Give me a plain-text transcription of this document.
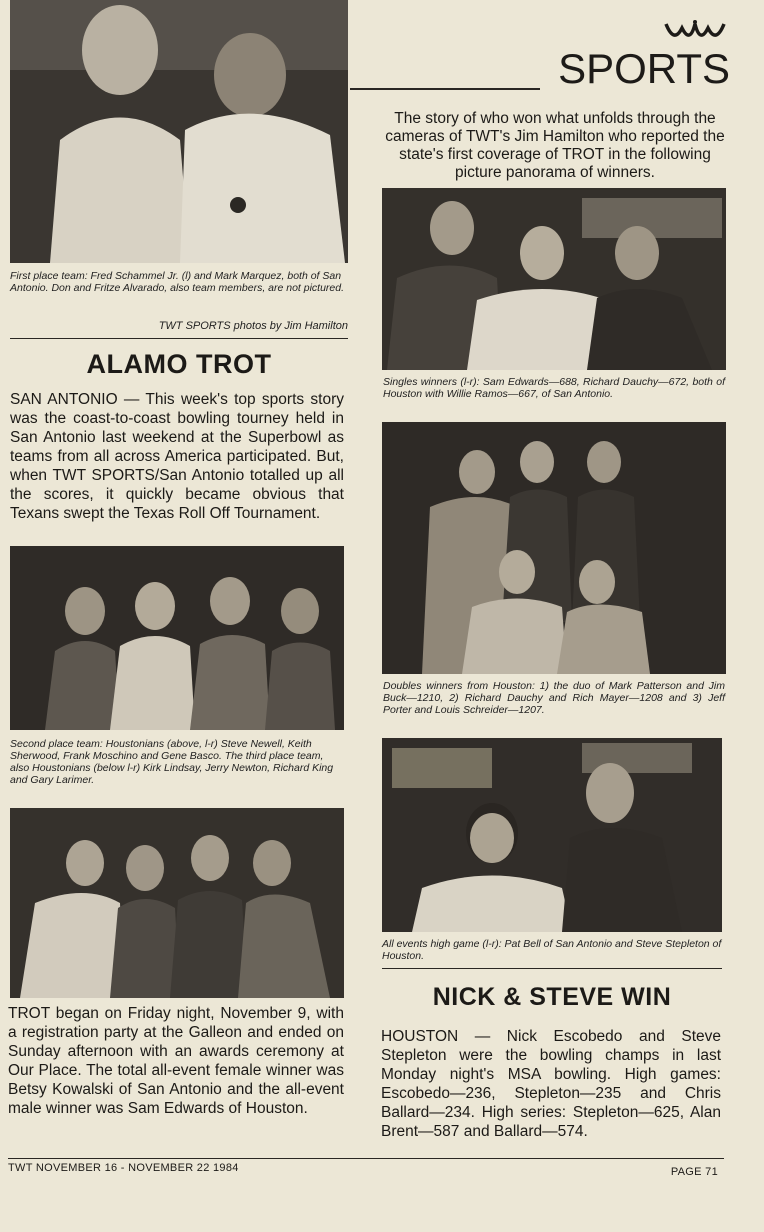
First place team: Fred Schammel Jr. (l) and Mark Marquez, both of San Antonio. Don and Fritze Alvarado, also team members, are not pictured.

TWT SPORTS photos by Jim Hamilton

ALAMO TROT

SAN ANTONIO — This week's top sports story was the coast-to-coast bowling tourney held in San Antonio last weekend at the Superbowl as teams from all across America participated. But, when TWT SPORTS/San Antonio totalled up all the scores, it quickly became obvious that Texans swept the Texas Roll Off Tournament.

Second place team: Houstonians (above, l-r) Steve Newell, Keith Sherwood, Frank Moschino and Gene Basco. The third place team, also Houstonians (below l-r) Kirk Lindsay, Jerry Newton, Richard King and Gary Larimer.

TROT began on Friday night, November 9, with a registration party at the Galleon and ended on Sunday afternoon with an awards ceremony at Our Place. The total all-event female winner was Betsy Kowalski of San Antonio and the all-event male winner was Sam Edwards of Houston.

SPORTS

The story of who won what unfolds through the cameras of TWT's Jim Hamilton who reported the state's first coverage of TROT in the following picture panorama of winners.

Singles winners (l-r): Sam Edwards—688, Richard Dauchy—672, both of Houston with Willie Ramos—667, of San Antonio.

Doubles winners from Houston: 1) the duo of Mark Patterson and Jim Buck—1210, 2) Richard Dauchy and Rich Mayer—1208 and 3) Jeff Porter and Louis Schreider—1207.

All events high game (l-r): Pat Bell of San Antonio and Steve Stepleton of Houston.

NICK & STEVE WIN

HOUSTON — Nick Escobedo and Steve Stepleton were the bowling champs in last Monday night's MSA bowling. High games: Escobedo—236, Stepleton—235 and Chris Ballard—234. High series: Stepleton—625, Alan Brent—587 and Ballard—574.

TWT NOVEMBER 16 - NOVEMBER 22 1984	PAGE 71
